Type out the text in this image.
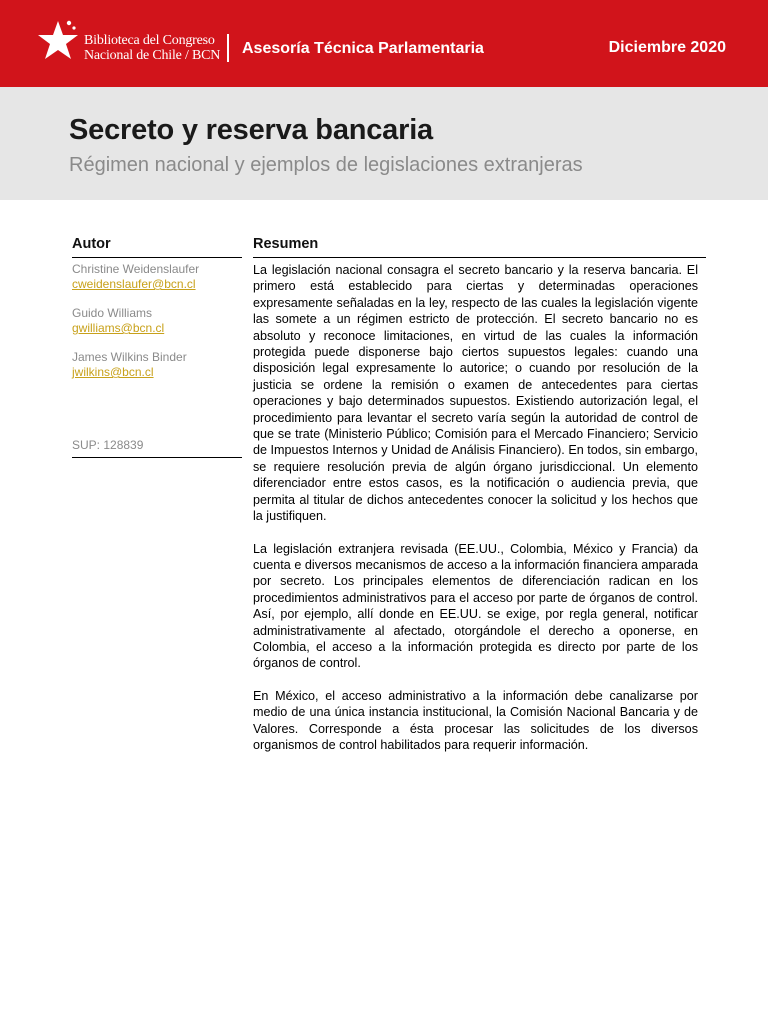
Biblioteca del Congreso
Nacional de Chile / BCN Asesoría Técnica Parlamentaria	Diciembre 2020
Secreto y reserva bancaria
Régimen nacional y ejemplos de legislaciones extranjeras
Autor
Christine Weidenslaufer
cweidenslaufer@bcn.cl
Guido Williams
gwilliams@bcn.cl
James Wilkins Binder
jwilkins@bcn.cl
SUP: 128839
Resumen

La legislación nacional consagra el secreto bancario y la reserva bancaria. El primero está establecido para ciertas y determinadas operaciones expresamente señaladas en la ley, respecto de las cuales la legislación vigente las somete a un régimen estricto de protección. El secreto bancario no es absoluto y reconoce limitaciones, en virtud de las cuales la información protegida puede disponerse bajo ciertos supuestos legales: cuando una disposición legal expresamente lo autorice; o cuando por resolución de la justicia se ordene la remisión o examen de antecedentes para ciertas operaciones y bajo determinados supuestos. Existiendo autorización legal, el procedimiento para levantar el secreto varía según la autoridad de control de que se trate (Ministerio Público; Comisión para el Mercado Financiero; Servicio de Impuestos Internos y Unidad de Análisis Financiero). En todos, sin embargo, se requiere resolución previa de algún órgano jurisdiccional. Un elemento diferenciador entre estos casos, es la notificación o audiencia previa, que permita al titular de dichos antecedentes conocer la solicitud y los hechos que la justifiquen.

La legislación extranjera revisada (EE.UU., Colombia, México y Francia) da cuenta e diversos mecanismos de acceso a la información financiera amparada por secreto. Los principales elementos de diferenciación radican en los procedimientos administrativos para el acceso por parte de órganos de control. Así, por ejemplo, allí donde en EE.UU. se exige, por regla general, notificar administrativamente al afectado, otorgándole el derecho a oponerse, en Colombia, el acceso a la información protegida es directo por parte de los órganos de control.

En México, el acceso administrativo a la información debe canalizarse por medio de una única instancia institucional, la Comisión Nacional Bancaria y de Valores. Corresponde a ésta procesar las solicitudes de los diversos organismos de control habilitados para requerir información.
